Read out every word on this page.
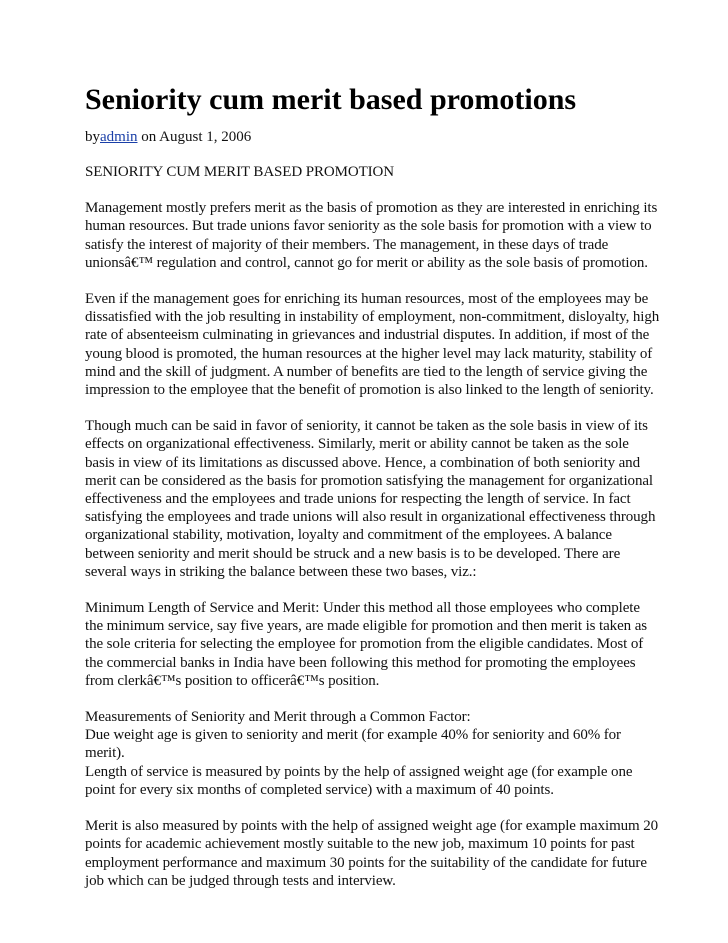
Seniority cum merit based promotions
byadmin on August 1, 2006

SENIORITY CUM MERIT BASED PROMOTION

Management mostly prefers merit as the basis of promotion as they are interested in enriching its
human resources. But trade unions favor seniority as the sole basis for promotion with a view to
satisfy the interest of majority of their members. The management, in these days of trade
unionsâ€™ regulation and control, cannot go for merit or ability as the sole basis of promotion.

Even if the management goes for enriching its human resources, most of the employees may be
dissatisfied with the job resulting in instability of employment, non-commitment, disloyalty, high
rate of absenteeism culminating in grievances and industrial disputes. In addition, if most of the
young blood is promoted, the human resources at the higher level may lack maturity, stability of
mind and the skill of judgment. A number of benefits are tied to the length of service giving the
impression to the employee that the benefit of promotion is also linked to the length of seniority.

Though much can be said in favor of seniority, it cannot be taken as the sole basis in view of its
effects on organizational effectiveness. Similarly, merit or ability cannot be taken as the sole
basis in view of its limitations as discussed above. Hence, a combination of both seniority and
merit can be considered as the basis for promotion satisfying the management for organizational
effectiveness and the employees and trade unions for respecting the length of service. In fact
satisfying the employees and trade unions will also result in organizational effectiveness through
organizational stability, motivation, loyalty and commitment of the employees. A balance
between seniority and merit should be struck and a new basis is to be developed. There are
several ways in striking the balance between these two bases, viz.:

Minimum Length of Service and Merit: Under this method all those employees who complete
the minimum service, say five years, are made eligible for promotion and then merit is taken as
the sole criteria for selecting the employee for promotion from the eligible candidates. Most of
the commercial banks in India have been following this method for promoting the employees
from clerkâ€™s position to officerâ€™s position.

Measurements of Seniority and Merit through a Common Factor:
Due weight age is given to seniority and merit (for example 40% for seniority and 60% for
merit).
Length of service is measured by points by the help of assigned weight age (for example one
point for every six months of completed service) with a maximum of 40 points.

Merit is also measured by points with the help of assigned weight age (for example maximum 20
points for academic achievement mostly suitable to the new job, maximum 10 points for past
employment performance and maximum 30 points for the suitability of the candidate for future
job which can be judged through tests and interview.
